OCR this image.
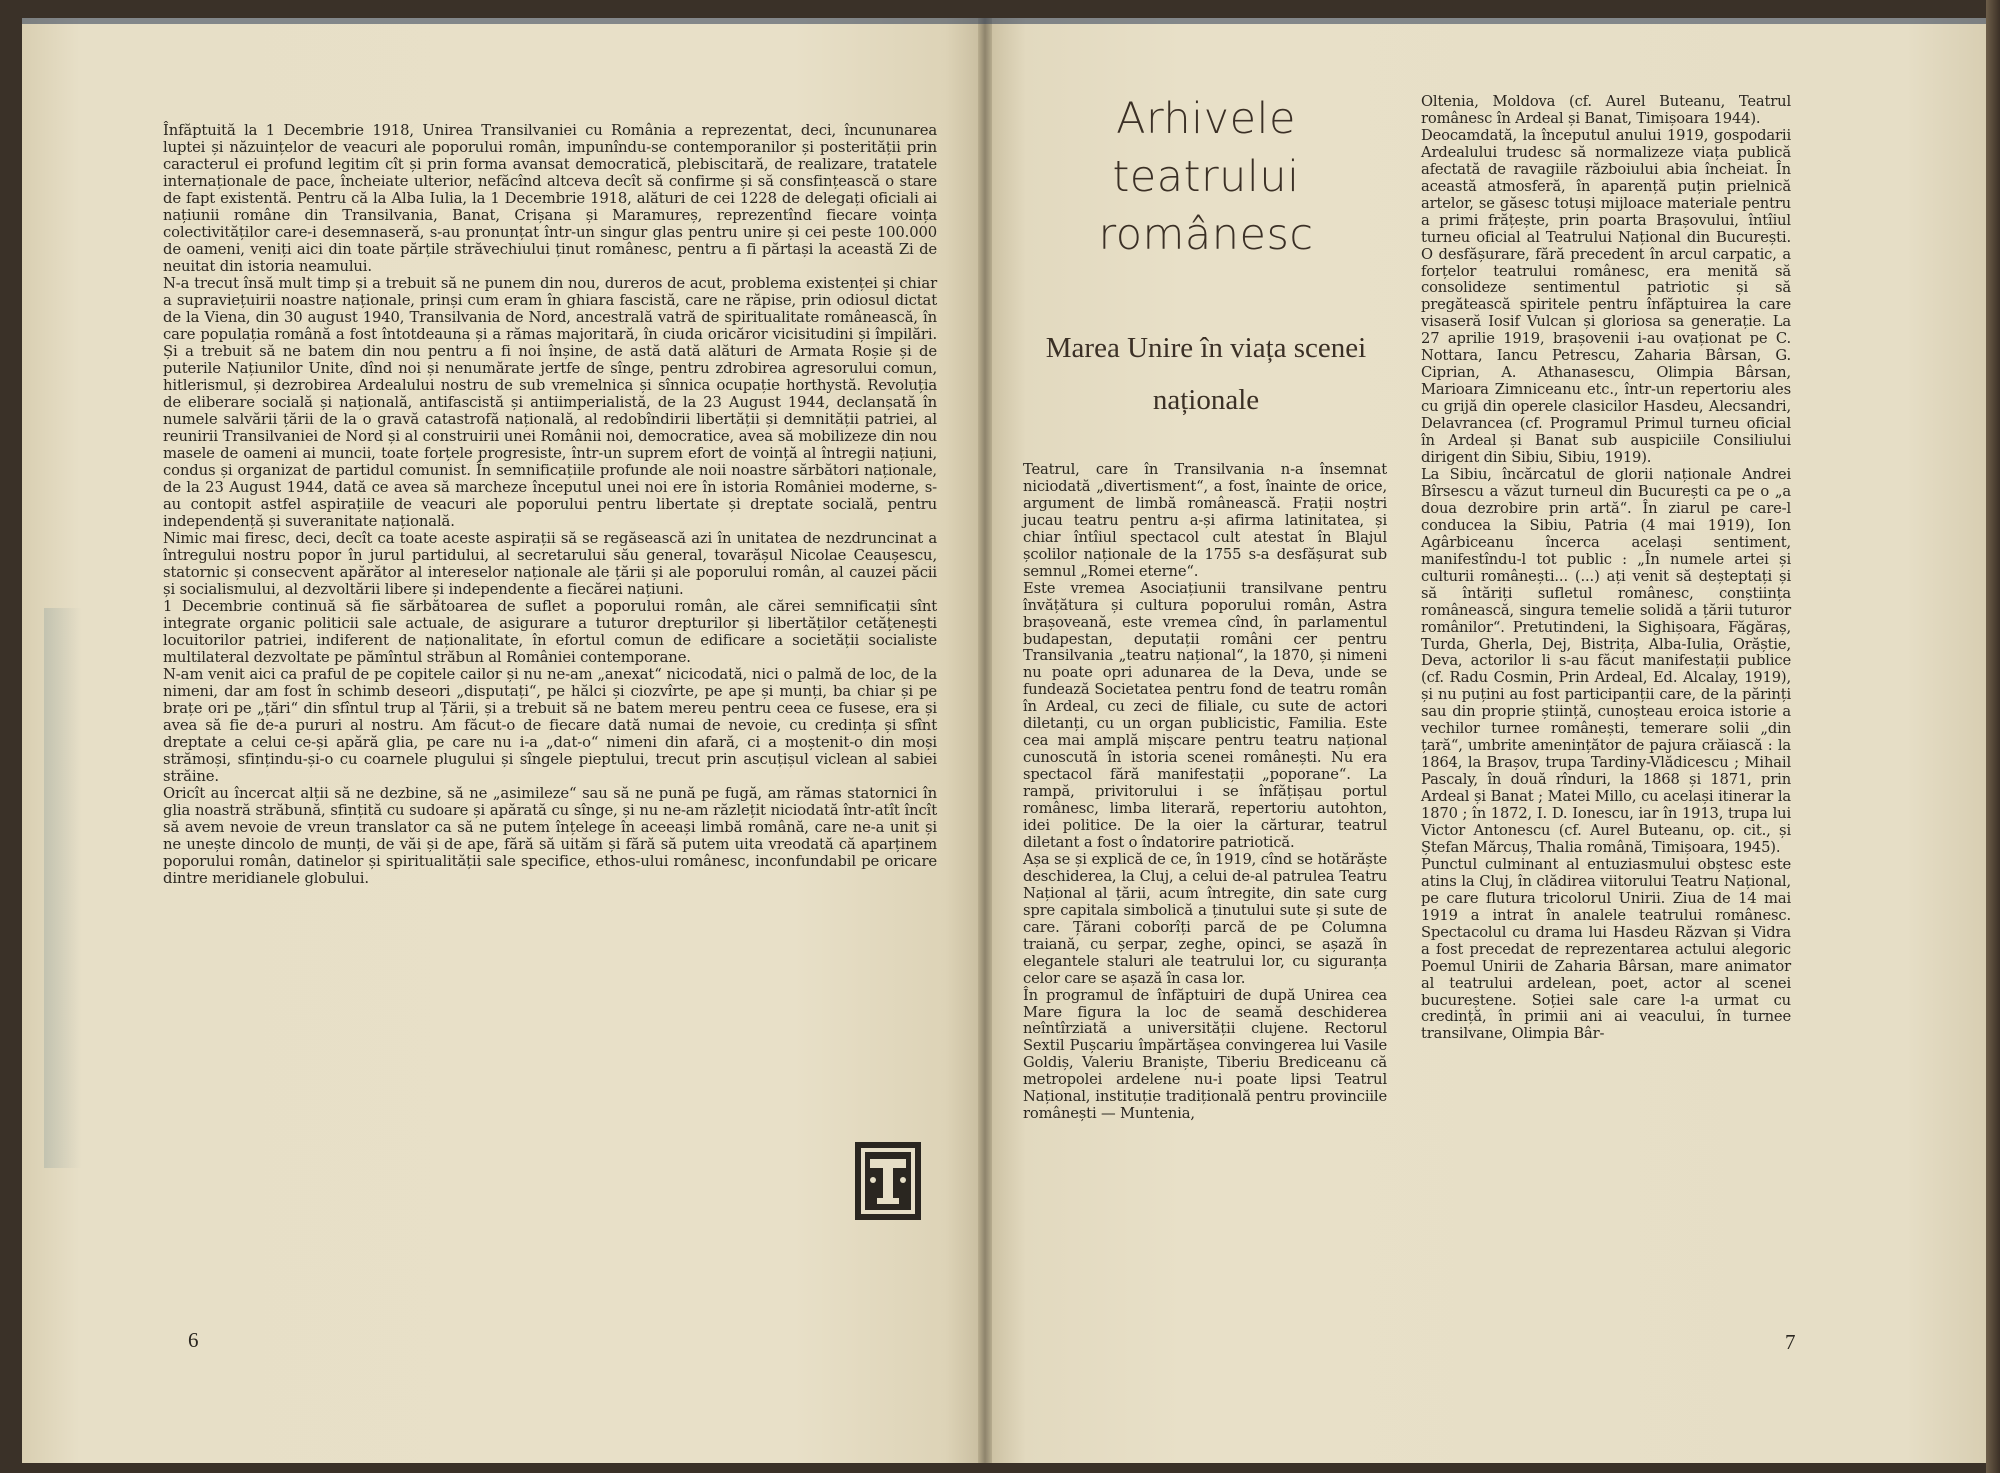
Înfăptuită la 1 Decembrie 1918, Unirea Transilvaniei cu România a reprezentat, deci, încununarea luptei și năzuințelor de veacuri ale poporului român, impunîndu-se contemporanilor și posterității prin caracterul ei profund legitim cît și prin forma avansat democratică, plebiscitară, de realizare, tratatele internaționale de pace, încheiate ulterior, nefăcînd altceva decît să confirme și să consfințească o stare de fapt existentă. Pentru că la Alba Iulia, la 1 Decembrie 1918, alături de cei 1228 de delegați oficiali ai națiunii române din Transilvania, Banat, Crișana și Maramureș, reprezentînd fiecare voința colectivităților care-i desemnaseră, s-au pronunțat într-un singur glas pentru unire și cei peste 100.000 de oameni, veniți aici din toate părțile străvechiului ținut românesc, pentru a fi părtași la această Zi de neuitat din istoria neamului.
N-a trecut însă mult timp și a trebuit să ne punem din nou, dureros de acut, problema existenței și chiar a supraviețuirii noastre naționale, prinși cum eram în ghiara fascistă, care ne răpise, prin odiosul dictat de la Viena, din 30 august 1940, Transilvania de Nord, ancestrală vatră de spiritualitate românească, în care populația română a fost întotdeauna și a rămas majoritară, în ciuda oricăror vicisitudini și împilări. Și a trebuit să ne batem din nou pentru a fi noi înșine, de astă dată alături de Armata Roșie și de puterile Națiunilor Unite, dînd noi și nenumărate jertfe de sînge, pentru zdrobirea agresorului comun, hitlerismul, și dezrobirea Ardealului nostru de sub vremelnica și sînnica ocupație horthystă. Revoluția de eliberare socială și națională, antifascistă și antiimperialistă, de la 23 August 1944, declanșată în numele salvării țării de la o gravă catastrofă națională, al redobîndirii libertății și demnității patriei, al reunirii Transilvaniei de Nord și al construirii unei Românii noi, democratice, avea să mobilizeze din nou masele de oameni ai muncii, toate forțele progresiste, într-un suprem efort de voință al întregii națiuni, condus și organizat de partidul comunist. În semnificațiile profunde ale noii noastre sărbători naționale, de la 23 August 1944, dată ce avea să marcheze începutul unei noi ere în istoria României moderne, s-au contopit astfel aspirațiile de veacuri ale poporului pentru libertate și dreptate socială, pentru independență și suveranitate națională.
Nimic mai firesc, deci, decît ca toate aceste aspirații să se regăsească azi în unitatea de nezdruncinat a întregului nostru popor în jurul partidului, al secretarului său general, tovarășul Nicolae Ceaușescu, statornic și consecvent apărător al intereselor naționale ale țării și ale poporului român, al cauzei păcii și socialismului, al dezvoltării libere și independente a fiecărei națiuni.
1 Decembrie continuă să fie sărbătoarea de suflet a poporului român, ale cărei semnificații sînt integrate organic politicii sale actuale, de asigurare a tuturor drepturilor și libertăților cetățenești locuitorilor patriei, indiferent de naționalitate, în efortul comun de edificare a societății socialiste multilateral dezvoltate pe pămîntul străbun al României contemporane.
N-am venit aici ca praful de pe copitele cailor și nu ne-am „anexat“ nicicodată, nici o palmă de loc, de la nimeni, dar am fost în schimb deseori „disputați“, pe hălci și ciozvîrte, pe ape și munți, ba chiar și pe brațe ori pe „țări“ din sfîntul trup al Țării, și a trebuit să ne batem mereu pentru ceea ce fusese, era și avea să fie de-a pururi al nostru. Am făcut-o de fiecare dată numai de nevoie, cu credința și sfînt dreptate a celui ce-și apără glia, pe care nu i-a „dat-o“ nimeni din afară, ci a moștenit-o din moși strămoși, sfințindu-și-o cu coarnele plugului și sîngele pieptului, trecut prin ascuțișul viclean al sabiei străine.
Oricît au încercat alții să ne dezbine, să ne „asimileze“ sau să ne pună pe fugă, am rămas statornici în glia noastră străbună, sfințită cu sudoare și apărată cu sînge, și nu ne-am răzlețit niciodată într-atît încît să avem nevoie de vreun translator ca să ne putem înțelege în aceeași limbă română, care ne-a unit și ne unește dincolo de munți, de văi și de ape, fără să uităm și fără să putem uita vreodată că aparținem poporului român, datinelor și spiritualității sale specifice, ethos-ului românesc, inconfundabil pe oricare dintre meridianele globului.
T
6
Arhivele teatrului românesc
Marea Unire în viața scenei naționale
Teatrul, care în Transilvania n-a însemnat niciodată „divertisment“, a fost, înainte de orice, argument de limbă românească. Frații noștri jucau teatru pentru a-și afirma latinitatea, și chiar întîiul spectacol cult atestat în Blajul școlilor naționale de la 1755 s-a desfășurat sub semnul „Romei eterne“.
Este vremea Asociațiunii transilvane pentru învățătura și cultura poporului român, Astra brașoveană, este vremea cînd, în parlamentul budapestan, deputații români cer pentru Transilvania „teatru național“, la 1870, și nimeni nu poate opri adunarea de la Deva, unde se fundează Societatea pentru fond de teatru român în Ardeal, cu zeci de filiale, cu sute de actori diletanți, cu un organ publicistic, Familia. Este cea mai amplă mișcare pentru teatru național cunoscută în istoria scenei românești. Nu era spectacol fără manifestații „poporane“. La rampă, privitorului i se înfățișau portul românesc, limba literară, repertoriu autohton, idei politice. De la oier la cărturar, teatrul diletant a fost o îndatorire patriotică.
Așa se și explică de ce, în 1919, cînd se hotărăște deschiderea, la Cluj, a celui de-al patrulea Teatru Național al țării, acum întregite, din sate curg spre capitala simbolică a ținutului sute și sute de care. Țărani coborîți parcă de pe Columna traiană, cu șerpar, zeghe, opinci, se așază în elegantele staluri ale teatrului lor, cu siguranța celor care se așază în casa lor.
În programul de înfăptuiri de după Unirea cea Mare figura la loc de seamă deschiderea neîntîrziată a universității clujene. Rectorul Sextil Pușcariu împărtășea convingerea lui Vasile Goldiș, Valeriu Braniște, Tiberiu Brediceanu că metropolei ardelene nu-i poate lipsi Teatrul Național, instituție tradițională pentru provinciile românești — Muntenia,
Oltenia, Moldova (cf. Aurel Buteanu, Teatrul românesc în Ardeal și Banat, Timișoara 1944).
Deocamdată, la începutul anului 1919, gospodarii Ardealului trudesc să normalizeze viața publică afectată de ravagiile războiului abia încheiat. În această atmosferă, în aparență puțin prielnică artelor, se găsesc totuși mijloace materiale pentru a primi frățește, prin poarta Brașovului, întîiul turneu oficial al Teatrului Național din București. O desfășurare, fără precedent în arcul carpatic, a forțelor teatrului românesc, era menită să consolideze sentimentul patriotic și să pregătească spiritele pentru înfăptuirea la care visaseră Iosif Vulcan și gloriosa sa generație. La 27 aprilie 1919, brașovenii i-au ovaționat pe C. Nottara, Iancu Petrescu, Zaharia Bârsan, G. Ciprian, A. Athanasescu, Olimpia Bârsan, Marioara Zimniceanu etc., într-un repertoriu ales cu grijă din operele clasicilor Hasdeu, Alecsandri, Delavrancea (cf. Programul Primul turneu oficial în Ardeal și Banat sub auspiciile Consiliului dirigent din Sibiu, Sibiu, 1919).
La Sibiu, încărcatul de glorii naționale Andrei Bîrsescu a văzut turneul din București ca pe o „a doua dezrobire prin artă“. În ziarul pe care-l conducea la Sibiu, Patria (4 mai 1919), Ion Agârbiceanu încerca același sentiment, manifestîndu-l tot public : „În numele artei și culturii românești... (...) ați venit să deșteptați și să întăriți sufletul românesc, conștiința românească, singura temelie solidă a țării tuturor românilor“. Pretutindeni, la Sighișoara, Făgăraș, Turda, Gherla, Dej, Bistrița, Alba-Iulia, Orăștie, Deva, actorilor li s-au făcut manifestații publice (cf. Radu Cosmin, Prin Ardeal, Ed. Alcalay, 1919), și nu puțini au fost participanții care, de la părinți sau din proprie știință, cunoșteau eroica istorie a vechilor turnee românești, temerare solii „din țară“, umbrite amenințător de pajura crăiască : la 1864, la Brașov, trupa Tardiny-Vlădicescu ; Mihail Pascaly, în două rînduri, la 1868 și 1871, prin Ardeal și Banat ; Matei Millo, cu același itinerar la 1870 ; în 1872, I. D. Ionescu, iar în 1913, trupa lui Victor Antonescu (cf. Aurel Buteanu, op. cit., și Ștefan Mărcuș, Thalia română, Timișoara, 1945).
Punctul culminant al entuziasmului obștesc este atins la Cluj, în clădirea viitorului Teatru Național, pe care flutura tricolorul Unirii. Ziua de 14 mai 1919 a intrat în analele teatrului românesc. Spectacolul cu drama lui Hasdeu Răzvan și Vidra a fost precedat de reprezentarea actului alegoric Poemul Unirii de Zaharia Bârsan, mare animator al teatrului ardelean, poet, actor al scenei bucureștene. Soției sale care l-a urmat cu credință, în primii ani ai veacului, în turnee transilvane, Olimpia Bâr-
7
